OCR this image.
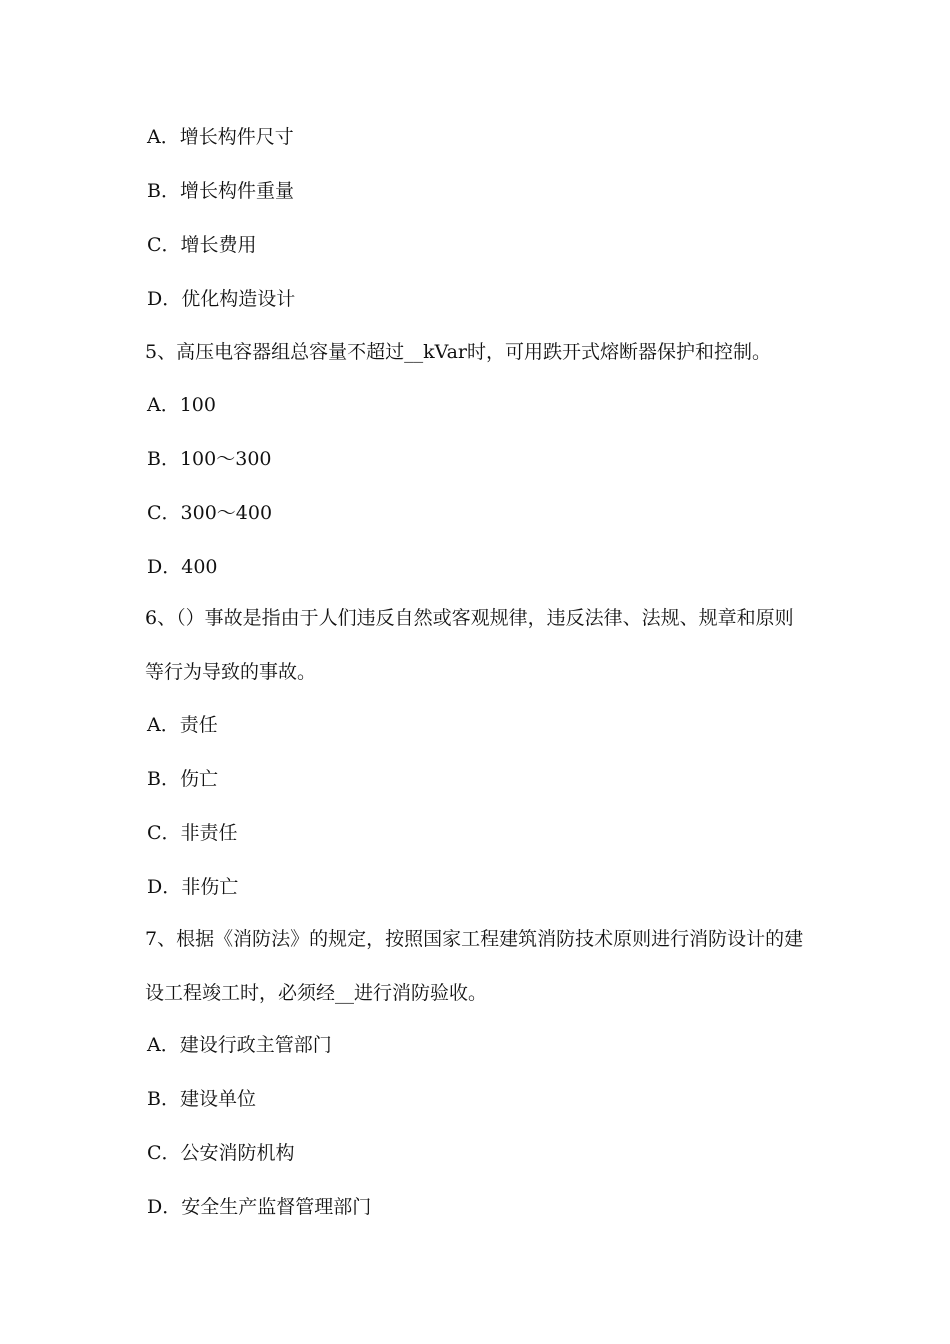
A．增长构件尺寸
B．增长构件重量
C．增长费用
D．优化构造设计
5、高压电容器组总容量不超过__kVar时，可用跌开式熔断器保护和控制。
A．100
B．100～300
C．300～400
D．400
6、（）事故是指由于人们违反自然或客观规律，违反法律、法规、规章和原则
等行为导致的事故。
A．责任
B．伤亡
C．非责任
D．非伤亡
7、根据《消防法》的规定，按照国家工程建筑消防技术原则进行消防设计的建
设工程竣工时，必须经__进行消防验收。
A．建设行政主管部门
B．建设单位
C．公安消防机构
D．安全生产监督管理部门
